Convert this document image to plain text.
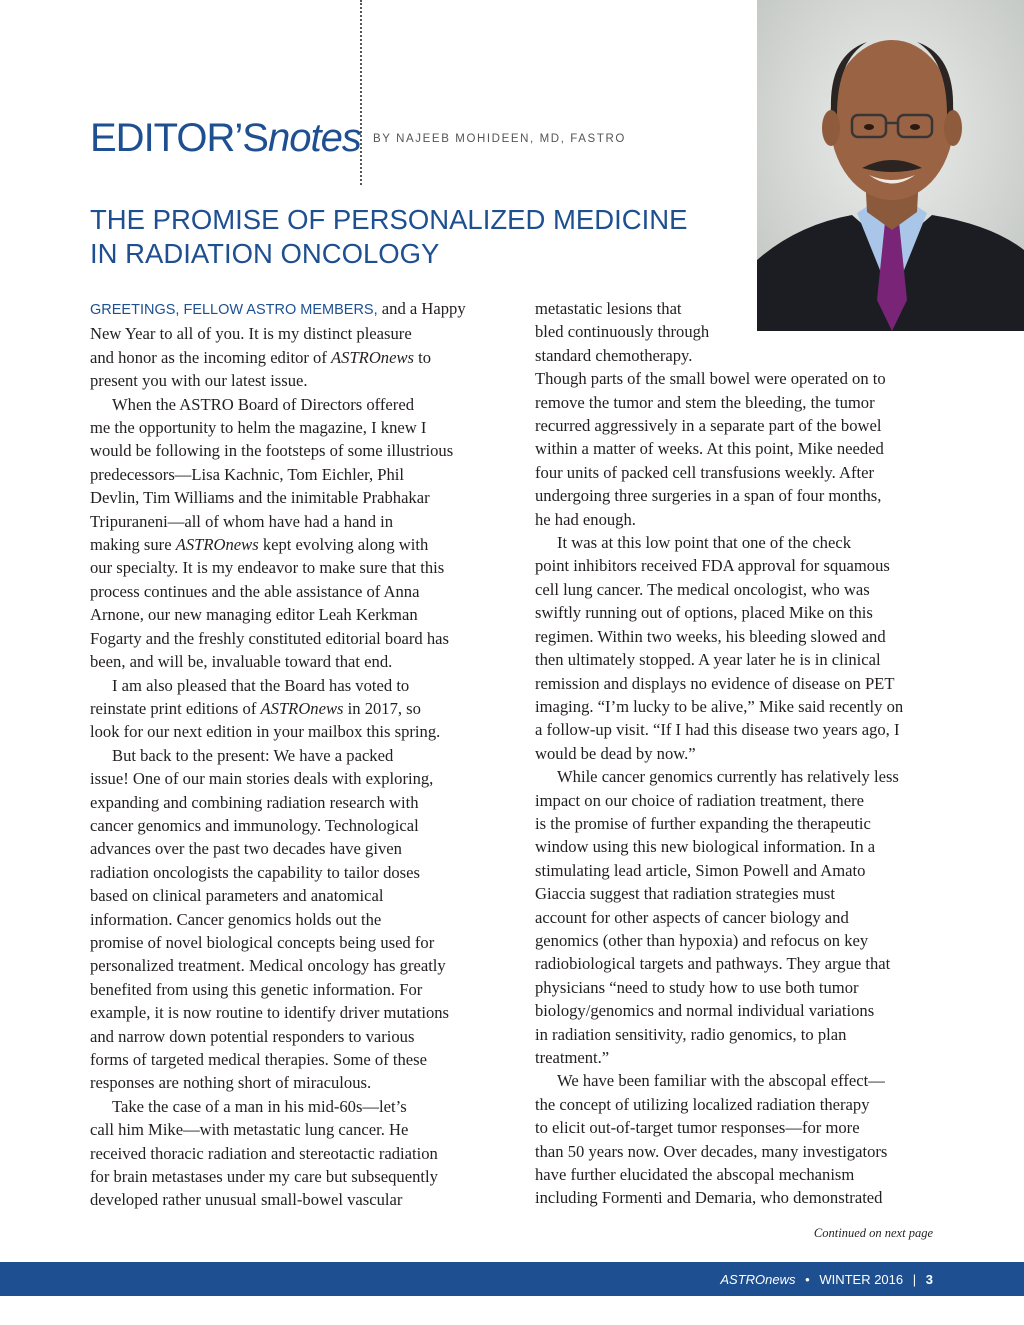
EDITOR’Snotes BY NAJEEB MOHIDEEN, MD, FASTRO
THE PROMISE OF PERSONALIZED MEDICINE
IN RADIATION ONCOLOGY
GREETINGS, FELLOW ASTRO MEMBERS, and a Happy
New Year to all of you. It is my distinct pleasure
and honor as the incoming editor of ASTROnews to
present you with our latest issue.
When the ASTRO Board of Directors offered
me the opportunity to helm the magazine, I knew I
would be following in the footsteps of some illustrious
predecessors—Lisa Kachnic, Tom Eichler, Phil
Devlin, Tim Williams and the inimitable Prabhakar
Tripuraneni—all of whom have had a hand in
making sure ASTROnews kept evolving along with
our specialty. It is my endeavor to make sure that this
process continues and the able assistance of Anna
Arnone, our new managing editor Leah Kerkman
Fogarty and the freshly constituted editorial board has
been, and will be, invaluable toward that end.
I am also pleased that the Board has voted to
reinstate print editions of ASTROnews in 2017, so
look for our next edition in your mailbox this spring.
But back to the present: We have a packed
issue! One of our main stories deals with exploring,
expanding and combining radiation research with
cancer genomics and immunology. Technological
advances over the past two decades have given
radiation oncologists the capability to tailor doses
based on clinical parameters and anatomical
information. Cancer genomics holds out the
promise of novel biological concepts being used for
personalized treatment. Medical oncology has greatly
benefited from using this genetic information. For
example, it is now routine to identify driver mutations
and narrow down potential responders to various
forms of targeted medical therapies. Some of these
responses are nothing short of miraculous.
Take the case of a man in his mid-60s—let’s
call him Mike—with metastatic lung cancer. He
received thoracic radiation and stereotactic radiation
for brain metastases under my care but subsequently
developed rather unusual small-bowel vascular
metastatic lesions that
bled continuously through
standard chemotherapy.
Though parts of the small bowel were operated on to
remove the tumor and stem the bleeding, the tumor
recurred aggressively in a separate part of the bowel
within a matter of weeks. At this point, Mike needed
four units of packed cell transfusions weekly. After
undergoing three surgeries in a span of four months,
he had enough.
It was at this low point that one of the check
point inhibitors received FDA approval for squamous
cell lung cancer. The medical oncologist, who was
swiftly running out of options, placed Mike on this
regimen. Within two weeks, his bleeding slowed and
then ultimately stopped. A year later he is in clinical
remission and displays no evidence of disease on PET
imaging. “I’m lucky to be alive,” Mike said recently on
a follow-up visit. “If I had this disease two years ago, I
would be dead by now.”
While cancer genomics currently has relatively less
impact on our choice of radiation treatment, there
is the promise of further expanding the therapeutic
window using this new biological information. In a
stimulating lead article, Simon Powell and Amato
Giaccia suggest that radiation strategies must
account for other aspects of cancer biology and
genomics (other than hypoxia) and refocus on key
radiobiological targets and pathways. They argue that
physicians “need to study how to use both tumor
biology/genomics and normal individual variations
in radiation sensitivity, radio genomics, to plan
treatment.”
We have been familiar with the abscopal effect—
the concept of utilizing localized radiation therapy
to elicit out-of-target tumor responses—for more
than 50 years now. Over decades, many investigators
have further elucidated the abscopal mechanism
including Formenti and Demaria, who demonstrated
Continued on next page
ASTROnews • WINTER 2016 | 3
